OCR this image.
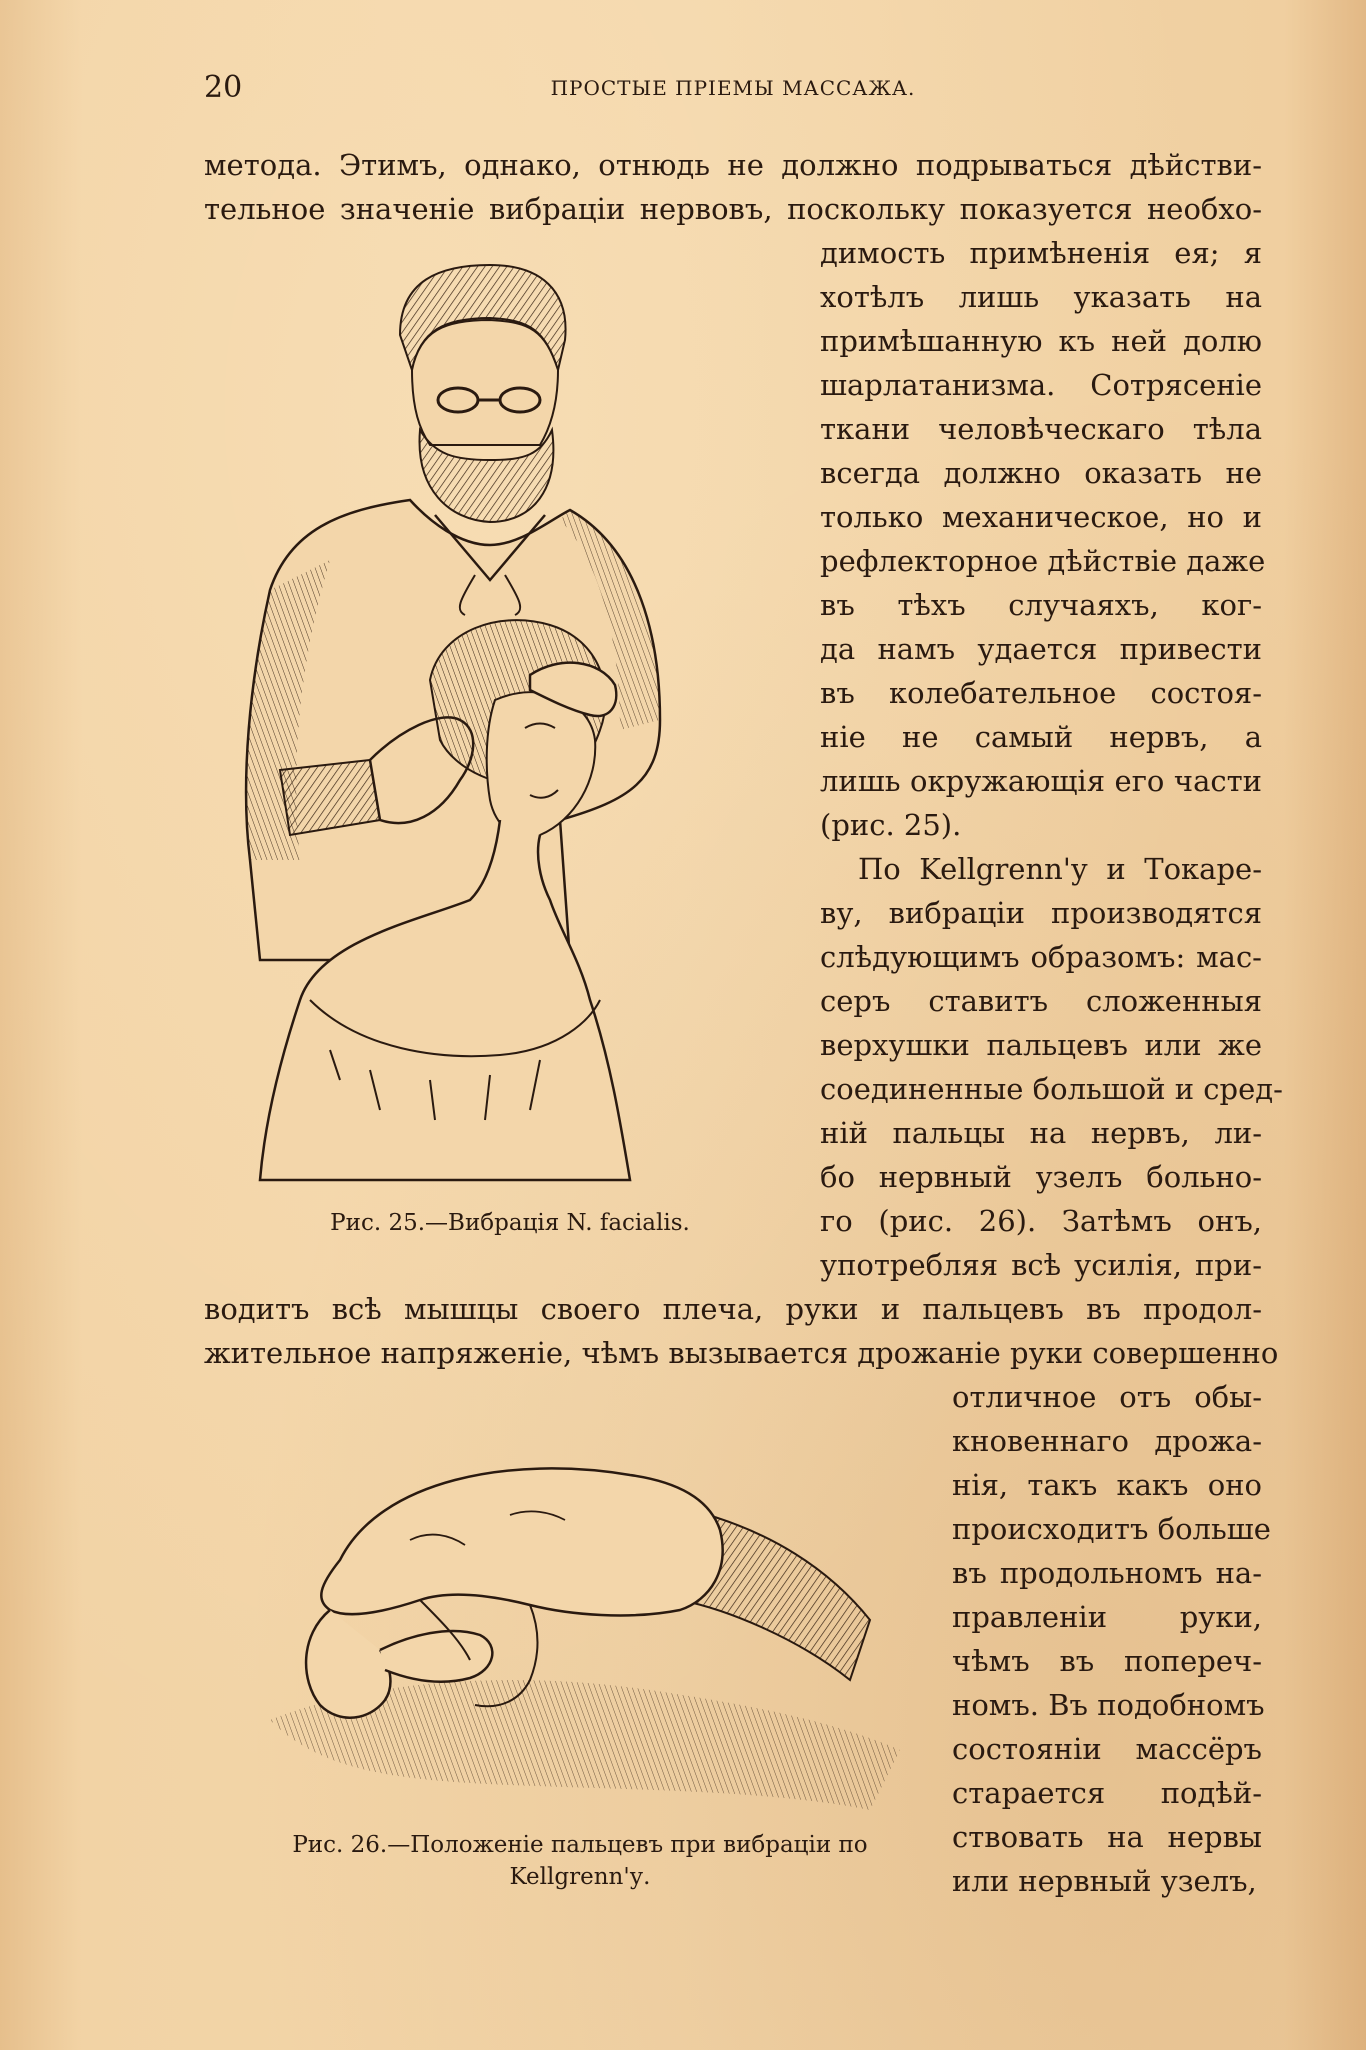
20	ПРОСТЫЕ ПРІЕМЫ МАССАЖА.
метода. Этимъ, однако, отнюдь не должно подрываться дѣйстви-
тельное значеніе вибраціи нервовъ, поскольку показуется необхо-
димость примѣненія ея; я
хотѣлъ лишь указать на
примѣшанную къ ней долю
шарлатанизма. Сотрясеніе
ткани человѣческаго тѣла
всегда должно оказать не
только механическое, но и
рефлекторное дѣйствіе даже
въ тѣхъ случаяхъ, ког-
да намъ удается привести
въ колебательное состоя-
ніе не самый нервъ, а
лишь окружающія его части
(рис. 25).
По Kellgrenn'у и Токаре-
ву, вибраціи производятся
слѣдующимъ образомъ: мас-
серъ ставитъ сложенныя
верхушки пальцевъ или же
соединенные большой и сред-
ній пальцы на нервъ, ли-
бо нервный узелъ больно-
го (рис. 26). Затѣмъ онъ,
употребляя всѣ усилія, при-
водитъ всѣ мышцы своего плеча, руки и пальцевъ въ продол-
жительное напряженіе, чѣмъ вызывается дрожаніе руки совершенно
отличное отъ обы-
кновеннаго дрожа-
нія, такъ какъ оно
происходитъ больше
въ продольномъ на-
правленіи руки,
чѣмъ въ попереч-
номъ. Въ подобномъ
состояніи массёръ
старается подѣй-
ствовать на нервы
или нервный узелъ,
Рис. 25.—Вибрація N. facialis.
Рис. 26.—Положеніе пальцевъ при вибраціи по
Kellgrenn'у.
